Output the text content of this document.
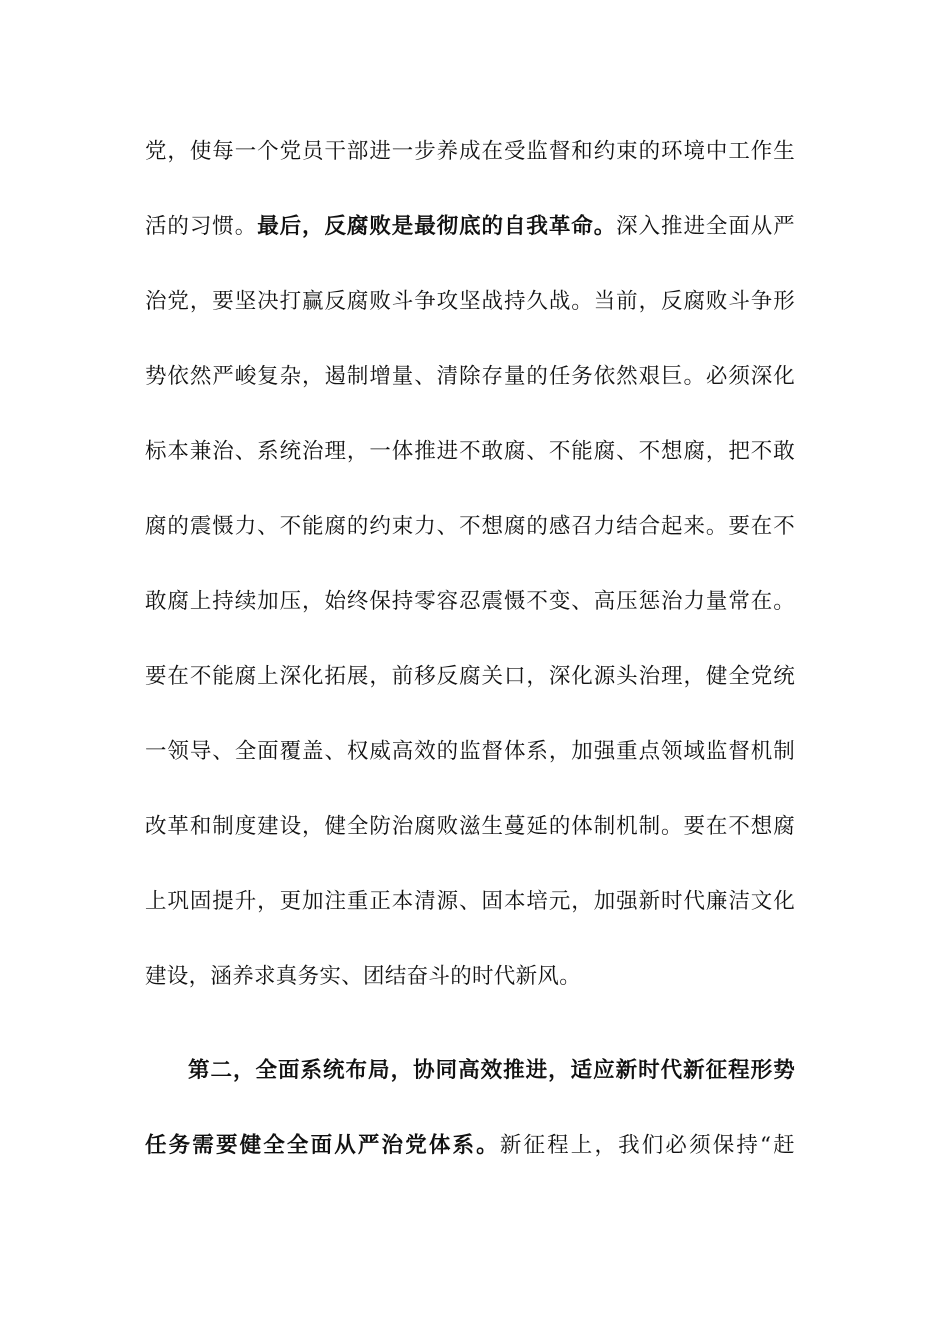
党，使每一个党员干部进一步养成在受监督和约束的环境中工作生
活的习惯。最后，反腐败是最彻底的自我革命。深入推进全面从严
治党，要坚决打赢反腐败斗争攻坚战持久战。当前，反腐败斗争形
势依然严峻复杂，遏制增量、清除存量的任务依然艰巨。必须深化
标本兼治、系统治理，一体推进不敢腐、不能腐、不想腐，把不敢
腐的震慑力、不能腐的约束力、不想腐的感召力结合起来。要在不
敢腐上持续加压，始终保持零容忍震慑不变、高压惩治力量常在。
要在不能腐上深化拓展，前移反腐关口，深化源头治理，健全党统
一领导、全面覆盖、权威高效的监督体系，加强重点领域监督机制
改革和制度建设，健全防治腐败滋生蔓延的体制机制。要在不想腐
上巩固提升，更加注重正本清源、固本培元，加强新时代廉洁文化
建设，涵养求真务实、团结奋斗的时代新风。
第二，全面系统布局，协同高效推进，适应新时代新征程形势
任务需要健全全面从严治党体系。新征程上，我们必须保持“赶
